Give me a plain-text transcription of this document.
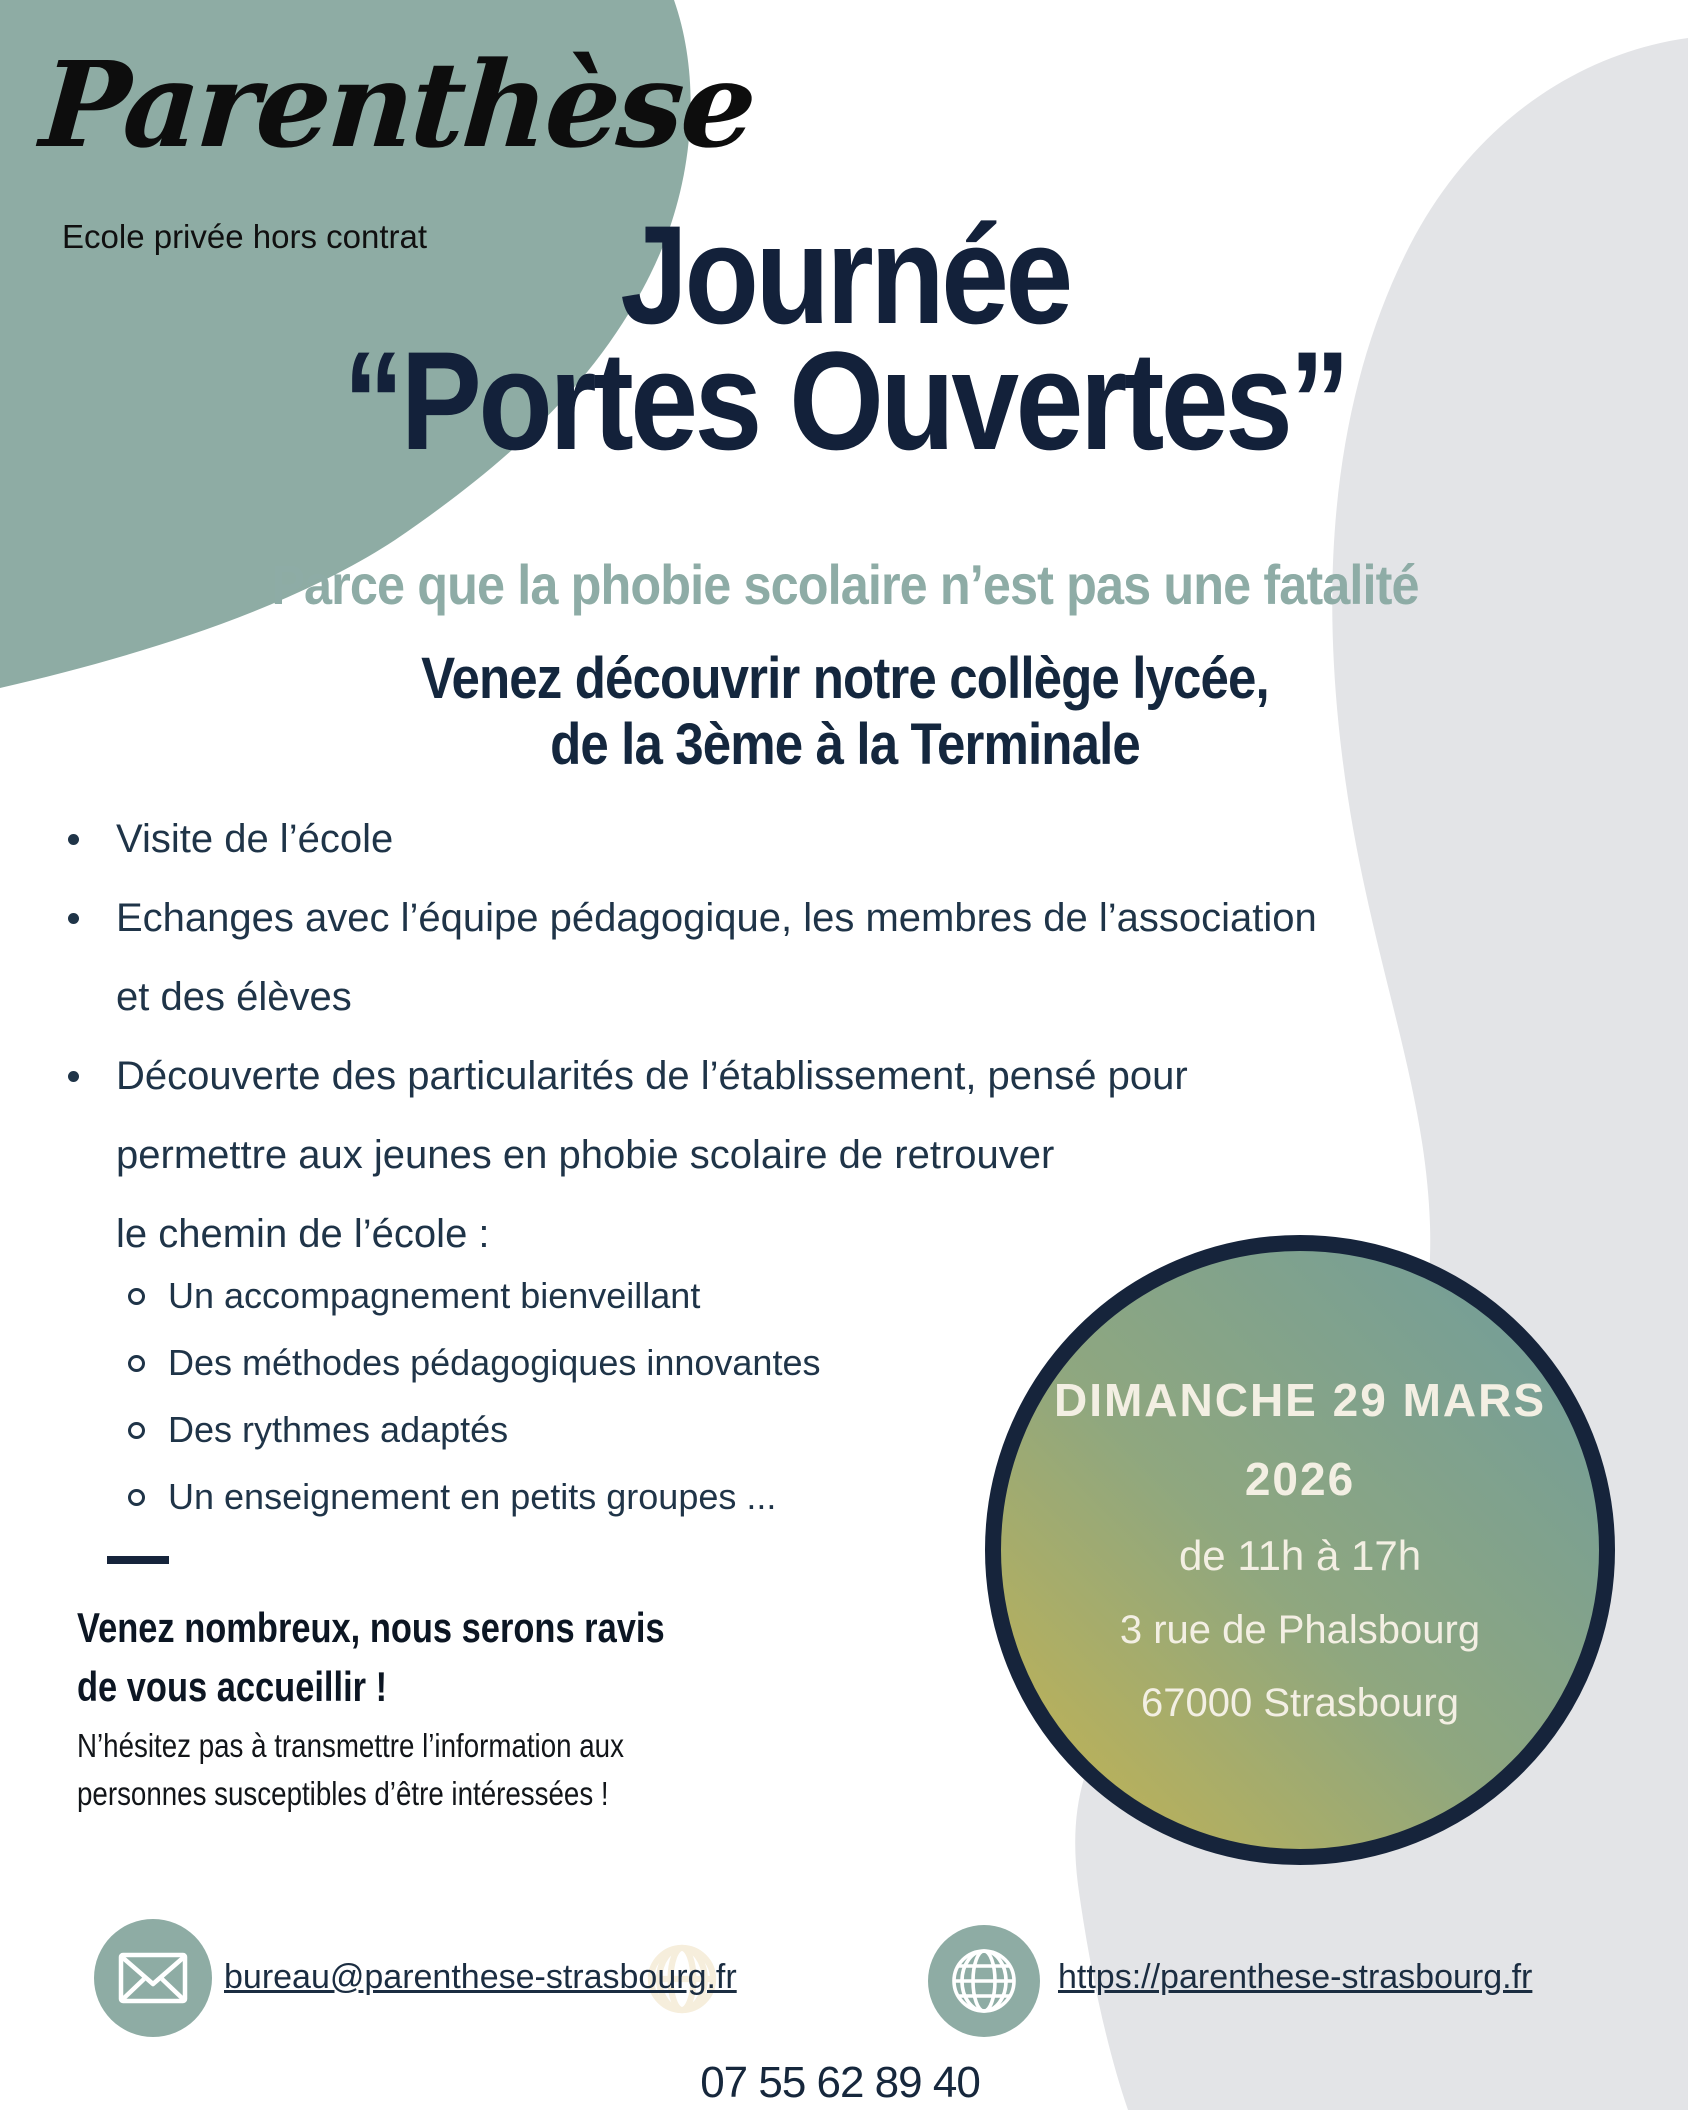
Parenthèse
Ecole privée hors contrat	Journée
“Portes Ouvertes”
Parce que la phobie scolaire n’est pas une fatalité
Venez découvrir notre collège lycée,
de la 3ème à la Terminale
Visite de l’école
Echanges avec l’équipe pédagogique, les membres de l’association
et des élèves
Découverte des particularités de l’établissement, pensé pour
permettre aux jeunes en phobie scolaire de retrouver
le chemin de l’école :
Un accompagnement bienveillant
Des méthodes pédagogiques innovantes
Des rythmes adaptés
Un enseignement en petits groupes ...
Venez nombreux, nous serons ravis
de vous accueillir !
N’hésitez pas à transmettre l’information aux
personnes susceptibles d’être intéressées !
DIMANCHE 29 MARS
2026
de 11h à 17h
3 rue de Phalsbourg
67000 Strasbourg
bureau@parenthese-strasbourg.fr	https://parenthese-strasbourg.fr
07 55 62 89 40
